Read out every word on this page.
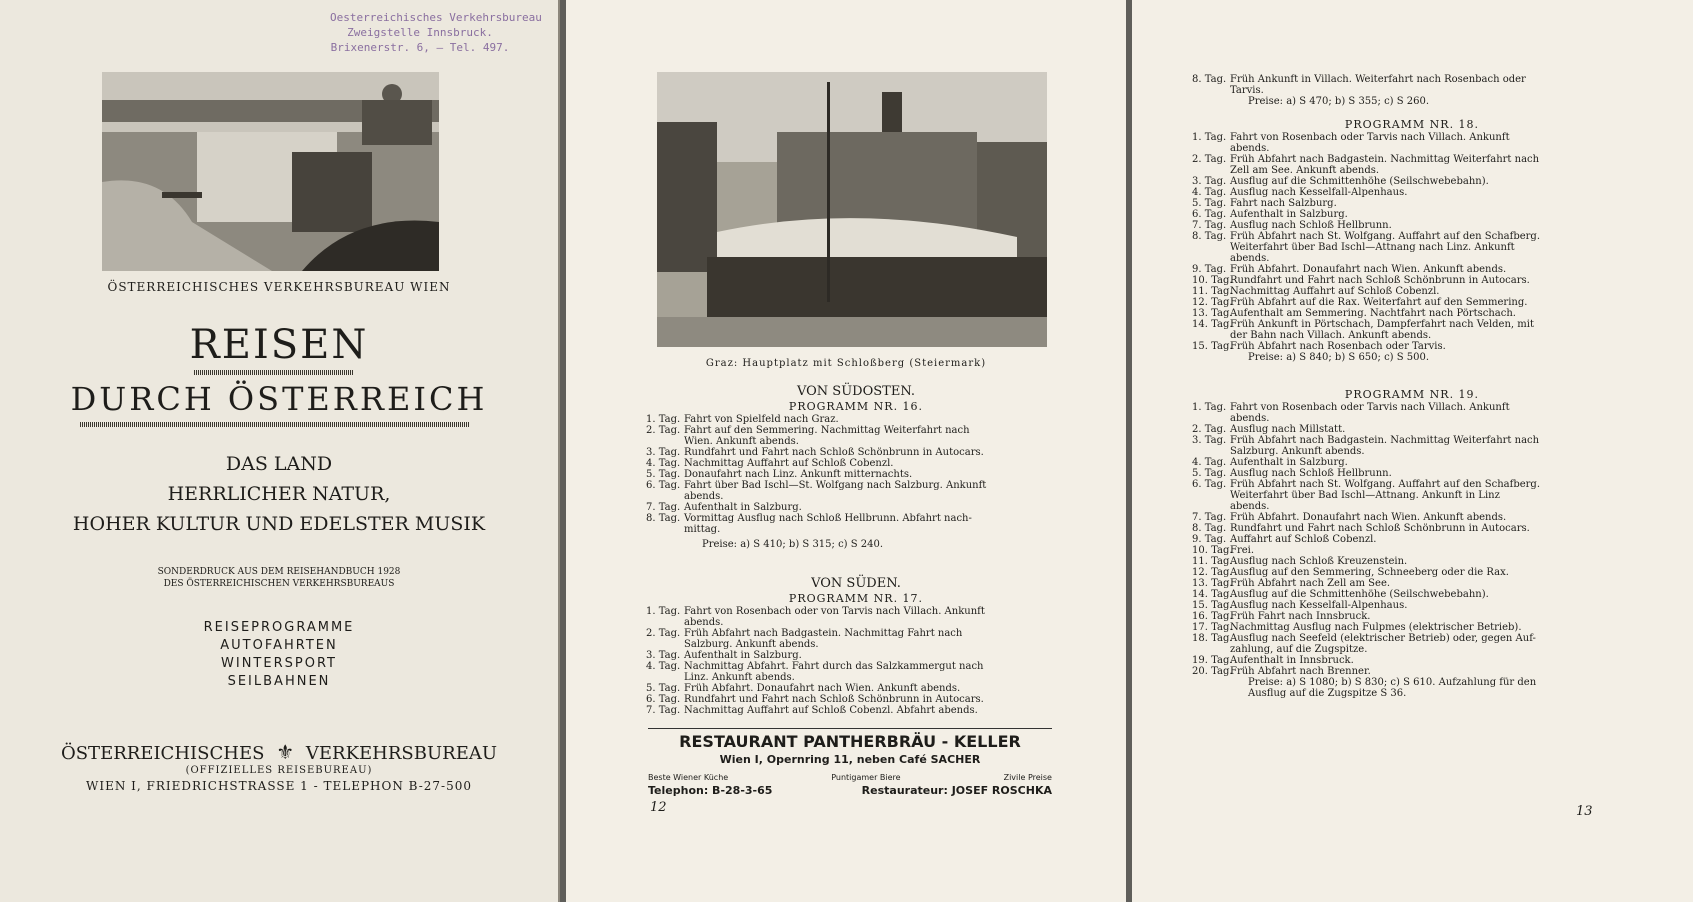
Oesterreichisches Verkehrsbureau
Zweigstelle Innsbruck.
Brixenerstr. 6, — Tel. 497.
ÖSTERREICHISCHES VERKEHRSBUREAU WIEN
REISEN
DURCH ÖSTERREICH
DAS LAND
HERRLICHER NATUR,
HOHER KULTUR UND EDELSTER MUSIK
SONDERDRUCK AUS DEM REISEHANDBUCH 1928
DES ÖSTERREICHISCHEN VERKEHRSBUREAUS
REISEPROGRAMME
AUTOFAHRTEN
WINTERSPORT
SEILBAHNEN
ÖSTERREICHISCHES ⚜ VERKEHRSBUREAU
(OFFIZIELLES REISEBUREAU)
WIEN I, FRIEDRICHSTRASSE 1 - TELEPHON B-27-500
Graz: Hauptplatz mit Schloßberg (Steiermark)
VON SÜDOSTEN.
PROGRAMM NR. 16.
1. Tag. Fahrt von Spielfeld nach Graz.
2. Tag. Fahrt auf den Semmering. Nachmittag Weiterfahrt nach
Wien. Ankunft abends.
3. Tag. Rundfahrt und Fahrt nach Schloß Schönbrunn in Autocars.
4. Tag. Nachmittag Auffahrt auf Schloß Cobenzl.
5. Tag. Donaufahrt nach Linz. Ankunft mitternachts.
6. Tag. Fahrt über Bad Ischl—St. Wolfgang nach Salzburg. Ankunft
abends.
7. Tag. Aufenthalt in Salzburg.
8. Tag. Vormittag Ausflug nach Schloß Hellbrunn. Abfahrt nach-
mittag.
Preise: a) S 410; b) S 315; c) S 240.
VON SÜDEN.
PROGRAMM NR. 17.
1. Tag. Fahrt von Rosenbach oder von Tarvis nach Villach. Ankunft
abends.
2. Tag. Früh Abfahrt nach Badgastein. Nachmittag Fahrt nach
Salzburg. Ankunft abends.
3. Tag. Aufenthalt in Salzburg.
4. Tag. Nachmittag Abfahrt. Fahrt durch das Salzkammergut nach
Linz. Ankunft abends.
5. Tag. Früh Abfahrt. Donaufahrt nach Wien. Ankunft abends.
6. Tag. Rundfahrt und Fahrt nach Schloß Schönbrunn in Autocars.
7. Tag. Nachmittag Auffahrt auf Schloß Cobenzl. Abfahrt abends.
RESTAURANT PANTHERBRÄU - KELLER
Wien I, Opernring 11, neben Café SACHER
Beste Wiener Küche	Puntigamer Biere	Zivile Preise
Telephon: B-28-3-65	Restaurateur: JOSEF ROSCHKA
12
8. Tag. Früh Ankunft in Villach. Weiterfahrt nach Rosenbach oder
Tarvis.
Preise: a) S 470; b) S 355; c) S 260.
PROGRAMM NR. 18.
1. Tag. Fahrt von Rosenbach oder Tarvis nach Villach. Ankunft
abends.
2. Tag. Früh Abfahrt nach Badgastein. Nachmittag Weiterfahrt nach
Zell am See. Ankunft abends.
3. Tag. Ausflug auf die Schmittenhöhe (Seilschwebebahn).
4. Tag. Ausflug nach Kesselfall-Alpenhaus.
5. Tag. Fahrt nach Salzburg.
6. Tag. Aufenthalt in Salzburg.
7. Tag. Ausflug nach Schloß Hellbrunn.
8. Tag. Früh Abfahrt nach St. Wolfgang. Auffahrt auf den Schafberg.
Weiterfahrt über Bad Ischl—Attnang nach Linz. Ankunft
abends.
9. Tag. Früh Abfahrt. Donaufahrt nach Wien. Ankunft abends.
10. Tag.
Rundfahrt und Fahrt nach Schloß Schönbrunn in Autocars.
11. Tag.
Nachmittag Auffahrt auf Schloß Cobenzl.
12. Tag.
Früh Abfahrt auf die Rax. Weiterfahrt auf den Semmering.
13. Tag.
Aufenthalt am Semmering. Nachtfahrt nach Pörtschach.
14. Tag.
Früh Ankunft in Pörtschach, Dampferfahrt nach Velden, mit
der Bahn nach Villach. Ankunft abends.
15. Tag.
Früh Abfahrt nach Rosenbach oder Tarvis.
Preise: a) S 840; b) S 650; c) S 500.
PROGRAMM NR. 19.
1. Tag. Fahrt von Rosenbach oder Tarvis nach Villach. Ankunft
abends.
2. Tag. Ausflug nach Millstatt.
3. Tag. Früh Abfahrt nach Badgastein. Nachmittag Weiterfahrt nach
Salzburg. Ankunft abends.
4. Tag. Aufenthalt in Salzburg.
5. Tag. Ausflug nach Schloß Hellbrunn.
6. Tag. Früh Abfahrt nach St. Wolfgang. Auffahrt auf den Schafberg.
Weiterfahrt über Bad Ischl—Attnang. Ankunft in Linz
abends.
7. Tag. Früh Abfahrt. Donaufahrt nach Wien. Ankunft abends.
8. Tag. Rundfahrt und Fahrt nach Schloß Schönbrunn in Autocars.
9. Tag. Auffahrt auf Schloß Cobenzl.
10. Tag.
Frei.
11. Tag.
Ausflug nach Schloß Kreuzenstein.
12. Tag.
Ausflug auf den Semmering, Schneeberg oder die Rax.
13. Tag.
Früh Abfahrt nach Zell am See.
14. Tag.
Ausflug auf die Schmittenhöhe (Seilschwebebahn).
15. Tag.
Ausflug nach Kesselfall-Alpenhaus.
16. Tag.
Früh Fahrt nach Innsbruck.
17. Tag.
Nachmittag Ausflug nach Fulpmes (elektrischer Betrieb).
18. Tag.
Ausflug nach Seefeld (elektrischer Betrieb) oder, gegen Auf-
zahlung, auf die Zugspitze.
19. Tag.
Aufenthalt in Innsbruck.
20. Tag.
Früh Abfahrt nach Brenner.
Preise: a) S 1080; b) S 830; c) S 610. Aufzahlung für den
Ausflug auf die Zugspitze S 36.
13
